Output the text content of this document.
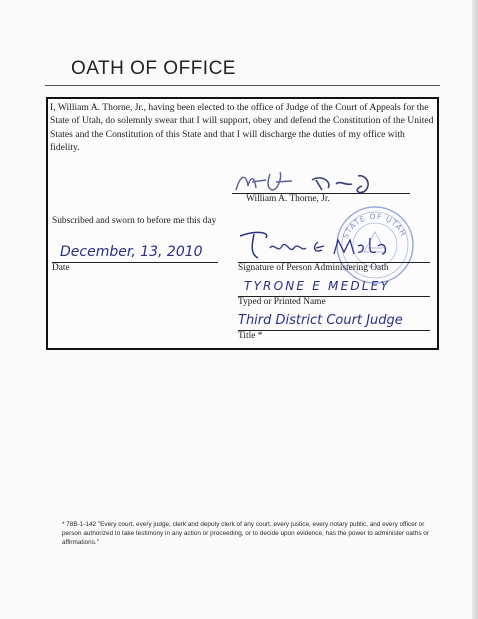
OATH OF OFFICE
I, William A. Thorne, Jr., having been elected to the office of Judge of the Court of Appeals for the State of Utah, do solemnly swear that I will support, obey and defend the Constitution of the United States and the Constitution of this State and that I will discharge the duties of my office with fidelity.
William A. Thorne, Jr.
Subscribed and sworn to before me this day
December, 13, 2010
Date
STATE OF UTAH
Signature of Person Administering Oath
TYRONE E MEDLEY
Typed or Printed Name
Third District Court Judge
Title *
* 78B-1-142 "Every court, every judge, clerk and deputy clerk of any court, every justice, every notary public, and every officer or person authorized to take testimony in any action or proceeding, or to decide upon evidence, has the power to administer oaths or affirmations."
